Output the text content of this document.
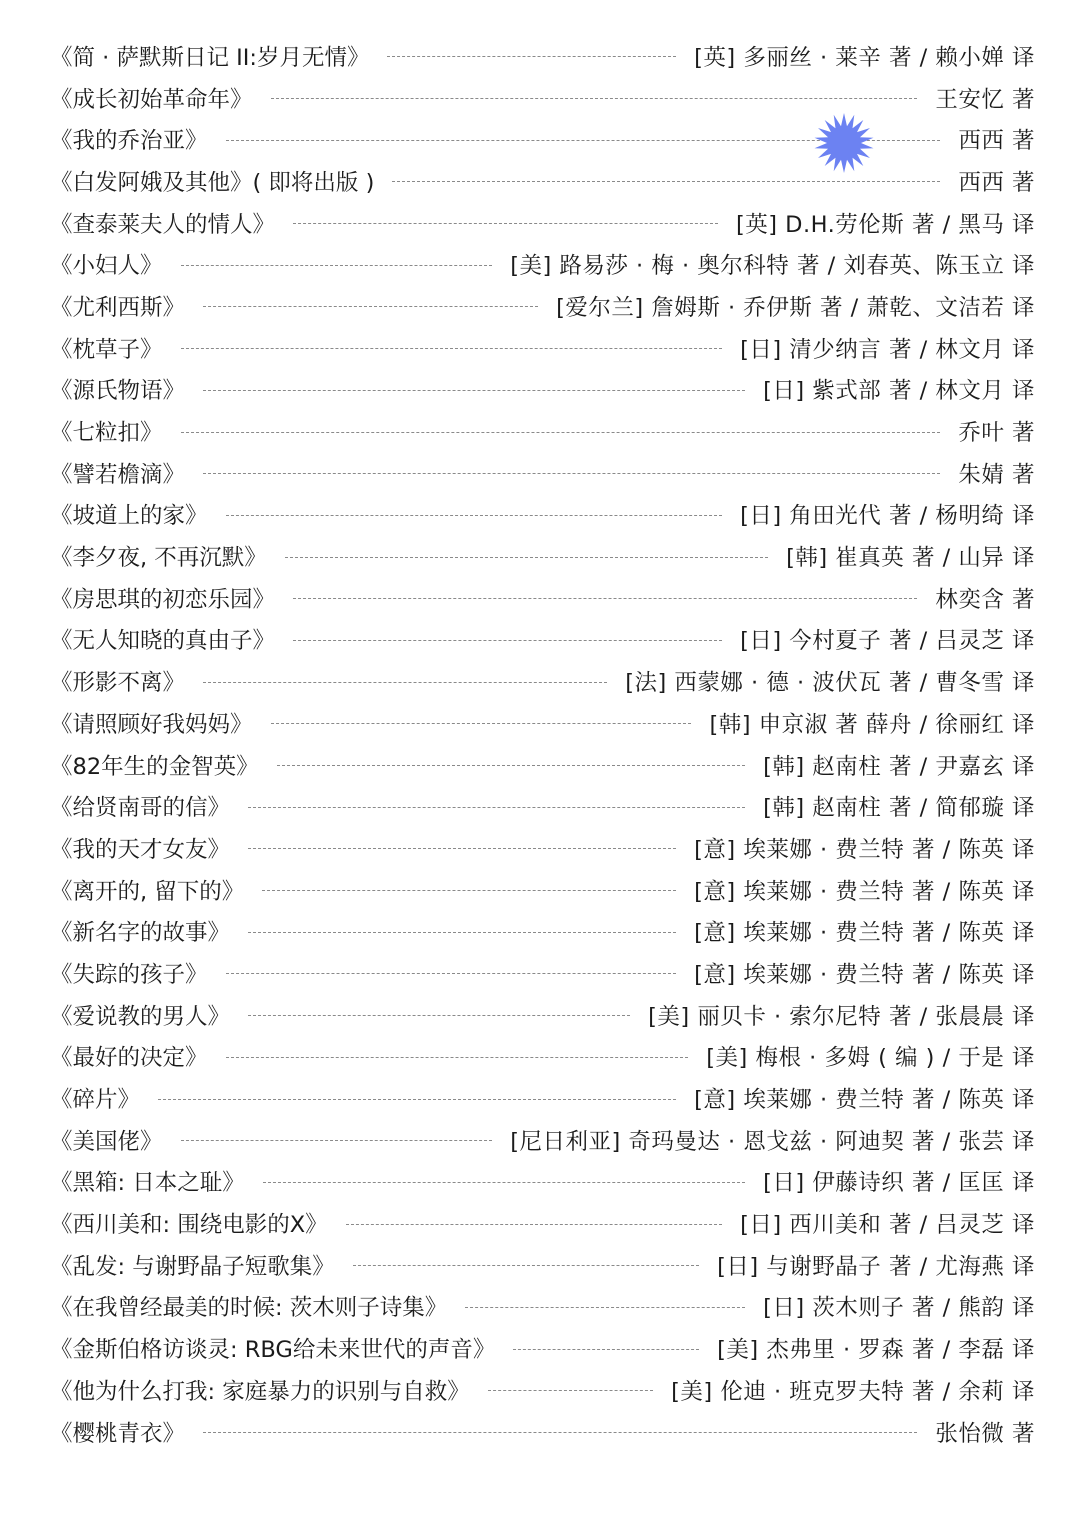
《简 · 萨默斯日记 II:岁月无情》	[英] 多丽丝 · 莱辛 著 / 赖小婵 译
《成长初始革命年》	王安忆 著
《我的乔治亚》	西西 著
《白发阿娥及其他》( 即将出版 )	西西 著
《查泰莱夫人的情人》	[英] D.H.劳伦斯 著 / 黑马 译
《小妇人》	[美] 路易莎 · 梅 · 奥尔科特 著 / 刘春英、陈玉立 译
《尤利西斯》	[爱尔兰] 詹姆斯 · 乔伊斯 著 / 萧乾、文洁若 译
《枕草子》	[日] 清少纳言 著 / 林文月 译
《源氏物语》	[日] 紫式部 著 / 林文月 译
《七粒扣》	乔叶 著
《譬若檐滴》	朱婧 著
《坡道上的家》	[日] 角田光代 著 / 杨明绮 译
《李夕夜, 不再沉默》	[韩] 崔真英 著 / 山异 译
《房思琪的初恋乐园》	林奕含 著
《无人知晓的真由子》	[日] 今村夏子 著 / 吕灵芝 译
《形影不离》	[法] 西蒙娜 · 德 · 波伏瓦 著 / 曹冬雪 译
《请照顾好我妈妈》	[韩] 申京淑 著 薛舟 / 徐丽红 译
《82年生的金智英》	[韩] 赵南柱 著 / 尹嘉玄 译
《给贤南哥的信》	[韩] 赵南柱 著 / 简郁璇 译
《我的天才女友》	[意] 埃莱娜 · 费兰特 著 / 陈英 译
《离开的, 留下的》	[意] 埃莱娜 · 费兰特 著 / 陈英 译
《新名字的故事》	[意] 埃莱娜 · 费兰特 著 / 陈英 译
《失踪的孩子》	[意] 埃莱娜 · 费兰特 著 / 陈英 译
《爱说教的男人》	[美] 丽贝卡 · 索尔尼特 著 / 张晨晨 译
《最好的决定》	[美] 梅根 · 多姆 ( 编 ) / 于是 译
《碎片》	[意] 埃莱娜 · 费兰特 著 / 陈英 译
《美国佬》	[尼日利亚] 奇玛曼达 · 恩戈兹 · 阿迪契 著 / 张芸 译
《黑箱: 日本之耻》	[日] 伊藤诗织 著 / 匡匡 译
《西川美和: 围绕电影的X》	[日] 西川美和 著 / 吕灵芝 译
《乱发: 与谢野晶子短歌集》	[日] 与谢野晶子 著 / 尤海燕 译
《在我曾经最美的时候: 茨木则子诗集》	[日] 茨木则子 著 / 熊韵 译
《金斯伯格访谈灵: RBG给未来世代的声音》	[美] 杰弗里 · 罗森 著 / 李磊 译
《他为什么打我: 家庭暴力的识别与自救》	[美] 伦迪 · 班克罗夫特 著 / 余莉 译
《樱桃青衣》	张怡微 著
